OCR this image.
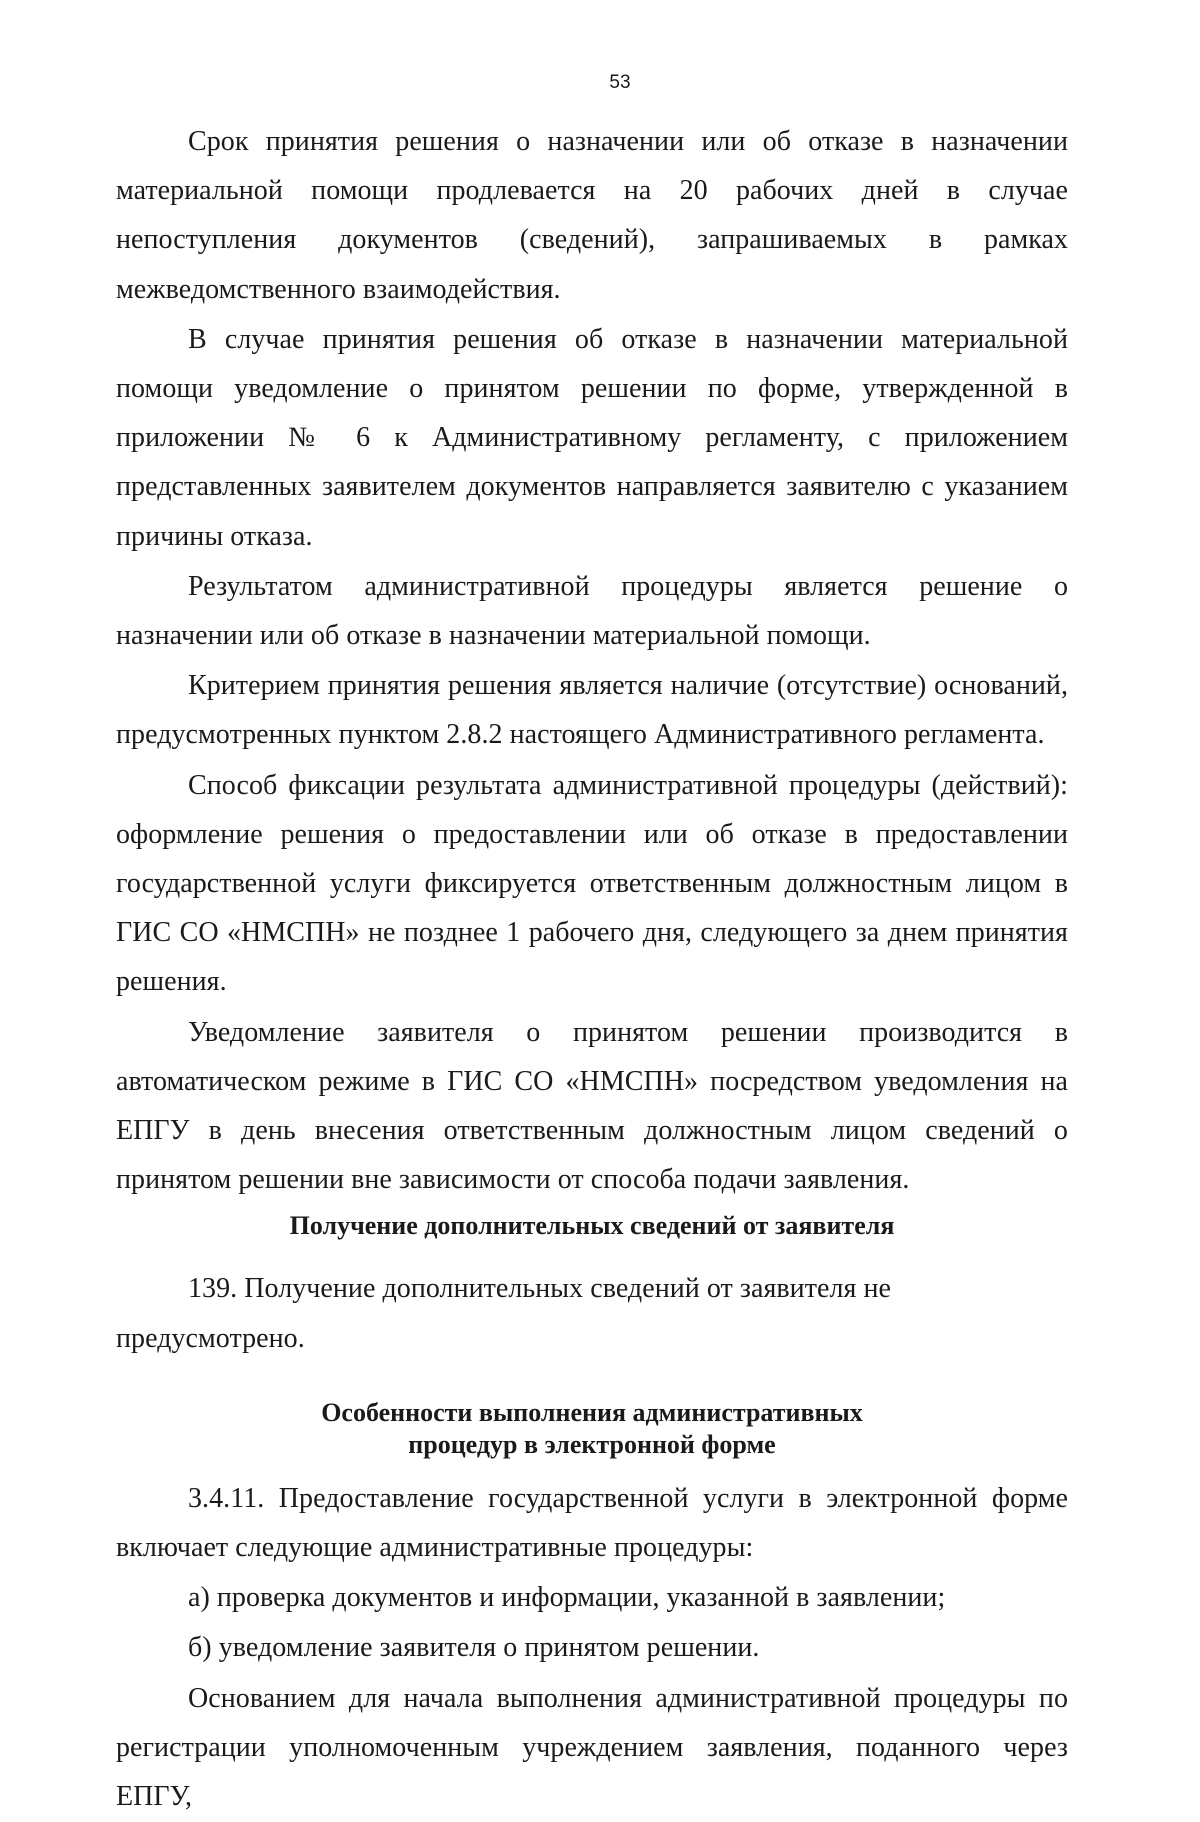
53

Срок принятия решения о назначении или об отказе в назначении материальной помощи продлевается на 20 рабочих дней в случае непоступления документов (сведений), запрашиваемых в рамках межведомственного взаимодействия.

В случае принятия решения об отказе в назначении материальной помощи уведомление о принятом решении по форме, утвержденной в приложении № 6 к Административному регламенту, с приложением представленных заявителем документов направляется заявителю с указанием причины отказа.

Результатом административной процедуры является решение о назначении или об отказе в назначении материальной помощи.

Критерием принятия решения является наличие (отсутствие) оснований, предусмотренных пунктом 2.8.2 настоящего Административного регламента.

Способ фиксации результата административной процедуры (действий): оформление решения о предоставлении или об отказе в предоставлении государственной услуги фиксируется ответственным должностным лицом в ГИС СО «НМСПН» не позднее 1 рабочего дня, следующего за днем принятия решения.

Уведомление заявителя о принятом решении производится в автоматическом режиме в ГИС СО «НМСПН» посредством уведомления на ЕПГУ в день внесения ответственным должностным лицом сведений о принятом решении вне зависимости от способа подачи заявления.

Получение дополнительных сведений от заявителя

139. Получение дополнительных сведений от заявителя не предусмотрено.

Особенности выполнения административных
процедур в электронной форме

3.4.11. Предоставление государственной услуги в электронной форме включает следующие административные процедуры:

а) проверка документов и информации, указанной в заявлении;

б) уведомление заявителя о принятом решении.

Основанием для начала выполнения административной процедуры по регистрации уполномоченным учреждением заявления, поданного через ЕПГУ,
